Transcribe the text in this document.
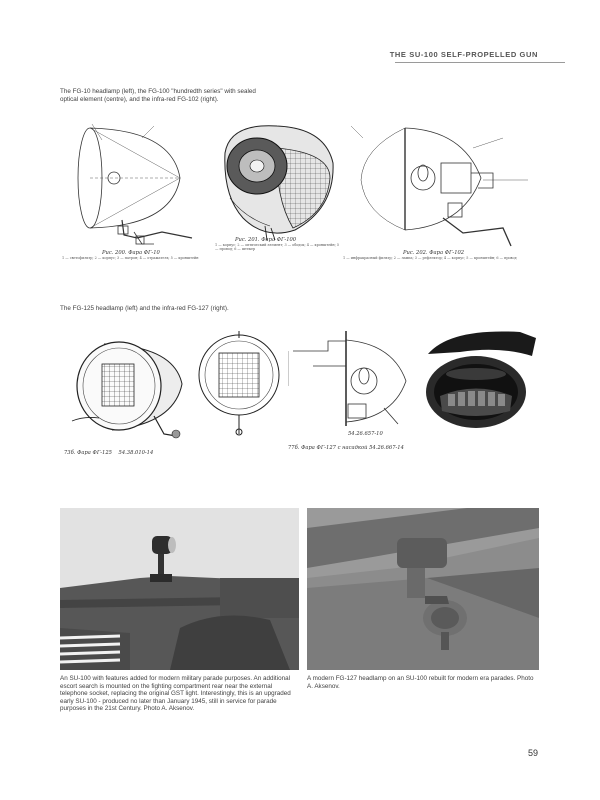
THE SU-100 SELF-PROPELLED GUN
The FG-10 headlamp (left), the FG-100 "hundredth series" with sealed optical element (centre), and the infra-red FG-102 (right).
Рис. 200. Фара ФГ-10
1 — светофильтр; 2 — корпус; 3 — патрон; 4 — отражатель; 5 — кронштейн
Рис. 201. Фара ФГ-100
1 — корпус; 2 — оптический элемент; 3 — ободок; 4 — кронштейн; 5 — провод; 6 — штекер
Рис. 202. Фара ФГ-102
1 — инфракрасный фильтр; 2 — лампа; 3 — рефлектор; 4 — корпус; 5 — кронштейн; 6 — провод
The FG-125 headlamp (left) and the infra-red FG-127 (right).
73б. Фара ФГ-125 54.38.010-14
54.26.657-10
77б. Фара ФГ-127 с насадкой 54.26.667-14
An SU-100 with features added for modern military parade purposes. An additional escort search is mounted on the fighting compartment rear near the external telephone socket, replacing the original GST light. Interestingly, this is an upgraded early SU-100 - produced no later than January 1945, still in service for parade purposes in the 21st Century. Photo A. Aksenov.
A modern FG-127 headlamp on an SU-100 rebuilt for modern era parades. Photo A. Aksenov.
59
